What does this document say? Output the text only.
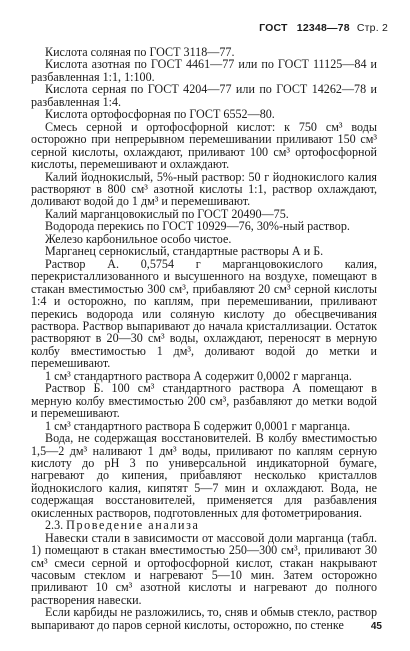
ГОСТ 12348—78 Стр. 2

Кислота соляная по ГОСТ 3118—77.

Кислота азотная по ГОСТ 4461—77 или по ГОСТ 11125—84 и разбавленная 1:1, 1:100.

Кислота серная по ГОСТ 4204—77 или по ГОСТ 14262—78 и разбавленная 1:4.

Кислота ортофосфорная по ГОСТ 6552—80.

Смесь серной и ортофосфорной кислот: к 750 см³ воды осторожно при непрерывном перемешивании приливают 150 см³ серной кислоты, охлаждают, приливают 100 см³ ортофосфорной кислоты, перемешивают и охлаждают.

Калий йоднокислый, 5%-ный раствор: 50 г йоднокислого калия растворяют в 800 см³ азотной кислоты 1:1, раствор охлаждают, доливают водой до 1 дм³ и перемешивают.

Калий марганцовокислый по ГОСТ 20490—75.

Водорода перекись по ГОСТ 10929—76, 30%-ный раствор.

Железо карбонильное особо чистое.

Марганец сернокислый, стандартные растворы А и Б.

Раствор А. 0,5754 г марганцовокислого калия, перекристаллизованного и высушенного на воздухе, помещают в стакан вместимостью 300 см³, прибавляют 20 см³ серной кислоты 1:4 и осторожно, по каплям, при перемешивании, приливают перекись водорода или соляную кислоту до обесцвечивания раствора. Раствор выпаривают до начала кристаллизации. Остаток растворяют в 20—30 см³ воды, охлаждают, переносят в мерную колбу вместимостью 1 дм³, доливают водой до метки и перемешивают.

1 см³ стандартного раствора А содержит 0,0002 г марганца.

Раствор Б. 100 см³ стандартного раствора А помещают в мерную колбу вместимостью 200 см³, разбавляют до метки водой и перемешивают.

1 см³ стандартного раствора Б содержит 0,0001 г марганца.

Вода, не содержащая восстановителей. В колбу вместимостью 1,5—2 дм³ наливают 1 дм³ воды, приливают по каплям серную кислоту до pH 3 по универсальной индикаторной бумаге, нагревают до кипения, прибавляют несколько кристаллов йоднокислого калия, кипятят 5—7 мин и охлаждают. Вода, не содержащая восстановителей, применяется для разбавления окисленных растворов, подготовленных для фотометрирования.

2.3. Проведение анализа

Навески стали в зависимости от массовой доли марганца (табл. 1) помещают в стакан вместимостью 250—300 см³, приливают 30 см³ смеси серной и ортофосфорной кислот, стакан накрывают часовым стеклом и нагревают 5—10 мин. Затем осторожно приливают 10 см³ азотной кислоты и нагревают до полного растворения навески.

Если карбиды не разложились, то, сняв и обмыв стекло, раствор выпаривают до паров серной кислоты, осторожно, по стенке	45
